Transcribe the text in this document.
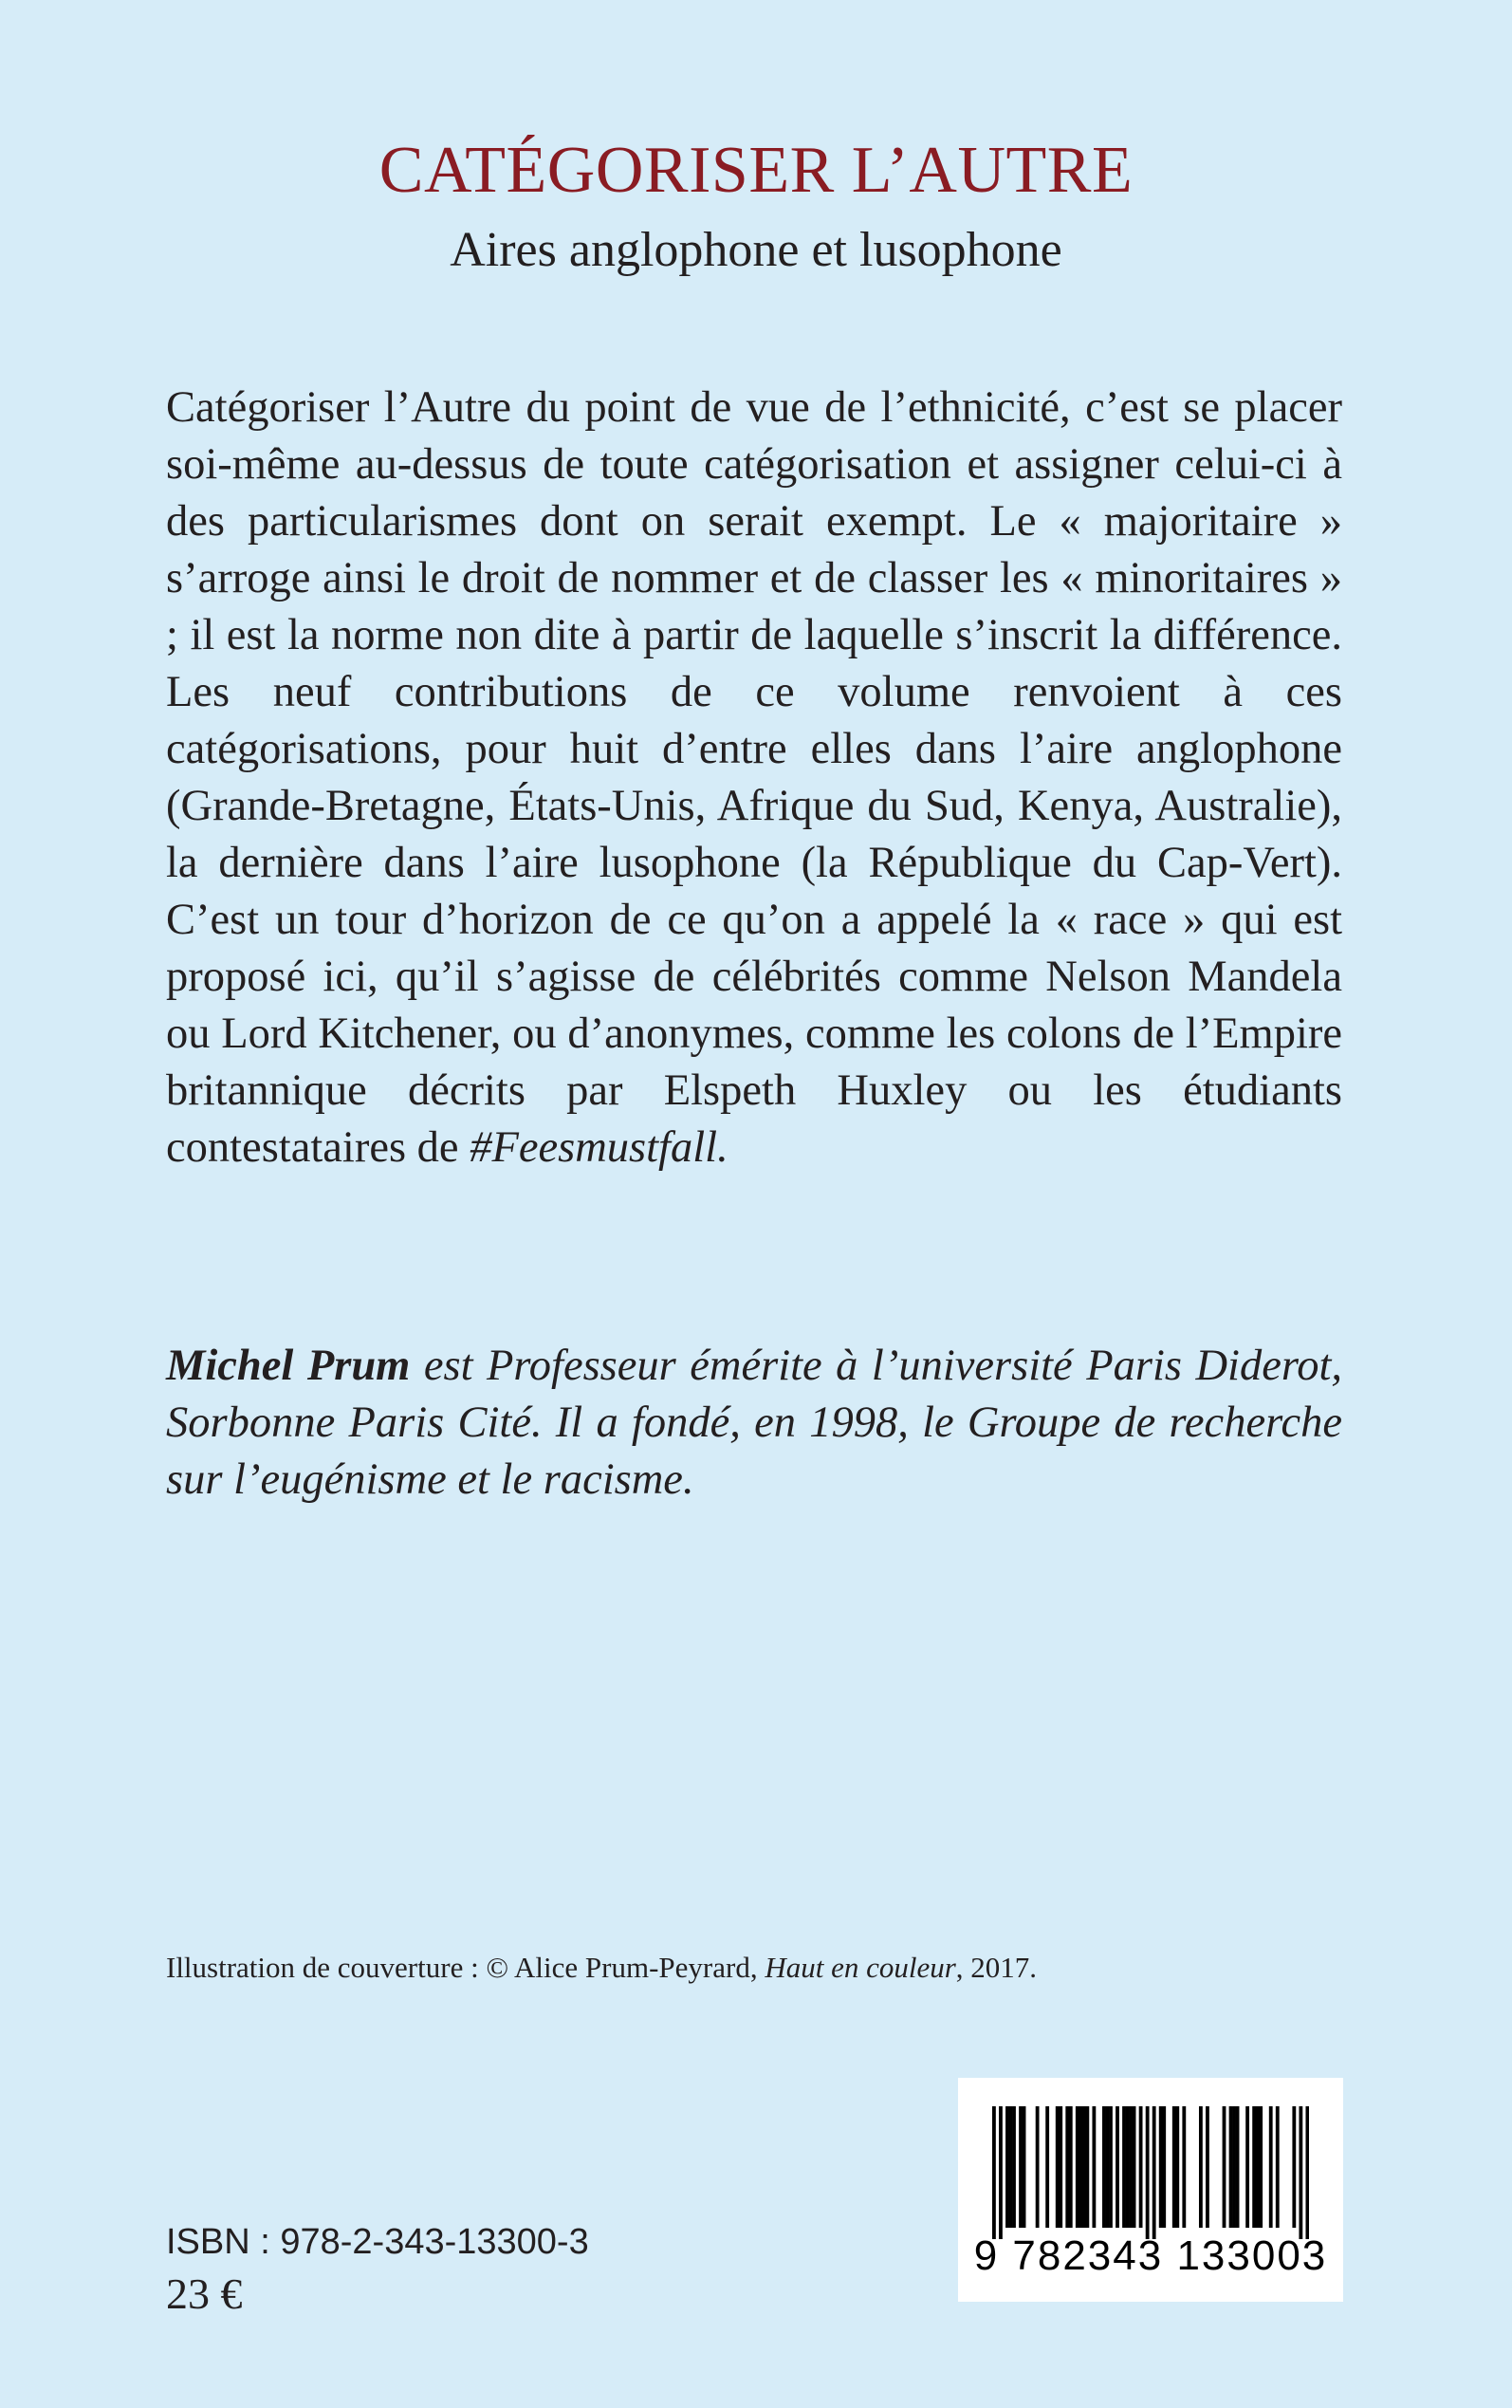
CATÉGORISER L’AUTRE
Aires anglophone et lusophone

Catégoriser l’Autre du point de vue de l’ethnicité, c’est se placer soi-même au-dessus de toute catégorisation et assigner celui-ci à des particularismes dont on serait exempt. Le « majoritaire » s’arroge ainsi le droit de nommer et de classer les « minoritaires » ; il est la norme non dite à partir de laquelle s’inscrit la différence. Les neuf contributions de ce volume renvoient à ces catégorisations, pour huit d’entre elles dans l’aire anglophone (Grande-Bretagne, États-Unis, Afrique du Sud, Kenya, Australie), la dernière dans l’aire lusophone (la République du Cap-Vert). C’est un tour d’horizon de ce qu’on a appelé la « race » qui est proposé ici, qu’il s’agisse de célébrités comme Nelson Mandela ou Lord Kitchener, ou d’anonymes, comme les colons de l’Empire britannique décrits par Elspeth Huxley ou les étudiants contestataires de #Feesmustfall.

Michel Prum est Professeur émérite à l’université Paris Diderot, Sorbonne Paris Cité. Il a fondé, en 1998, le Groupe de recherche sur l’eugénisme et le racisme.

Illustration de couverture : © Alice Prum-Peyrard, Haut en couleur, 2017.
ISBN : 978-2-343-13300-3
23 €
9 782343 133003
